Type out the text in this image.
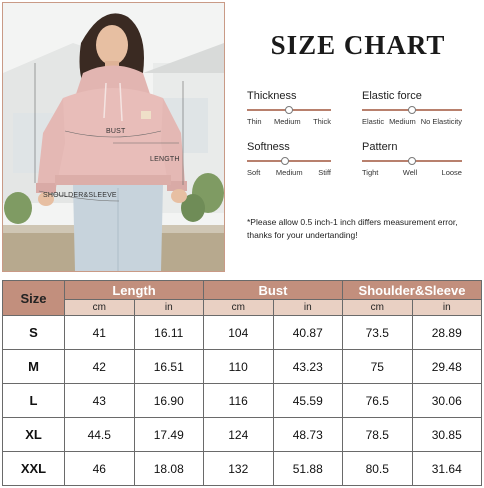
BUST
LENGTH
SHOULDER&SLEEVE
SIZE CHART
Thickness
Thin Medium Thick
Elastic force
Elastic Medium No Elasticity
Softness
Soft Medium Stiff
Pattern
Tight	Well	Loose
*Please allow 0.5 inch-1 inch differs measurement error, thanks for your undertanding!
Size	Length		Bust		Shoulder&Sleeve	
	cm	in	cm	in	cm	in
S	41	16.11	104	40.87	73.5	28.89
M	42	16.51	110	43.23	75	29.48
L	43	16.90	116	45.59	76.5	30.06
XL	44.5	17.49	124	48.73	78.5	30.85
XXL	46	18.08	132	51.88	80.5	31.64
